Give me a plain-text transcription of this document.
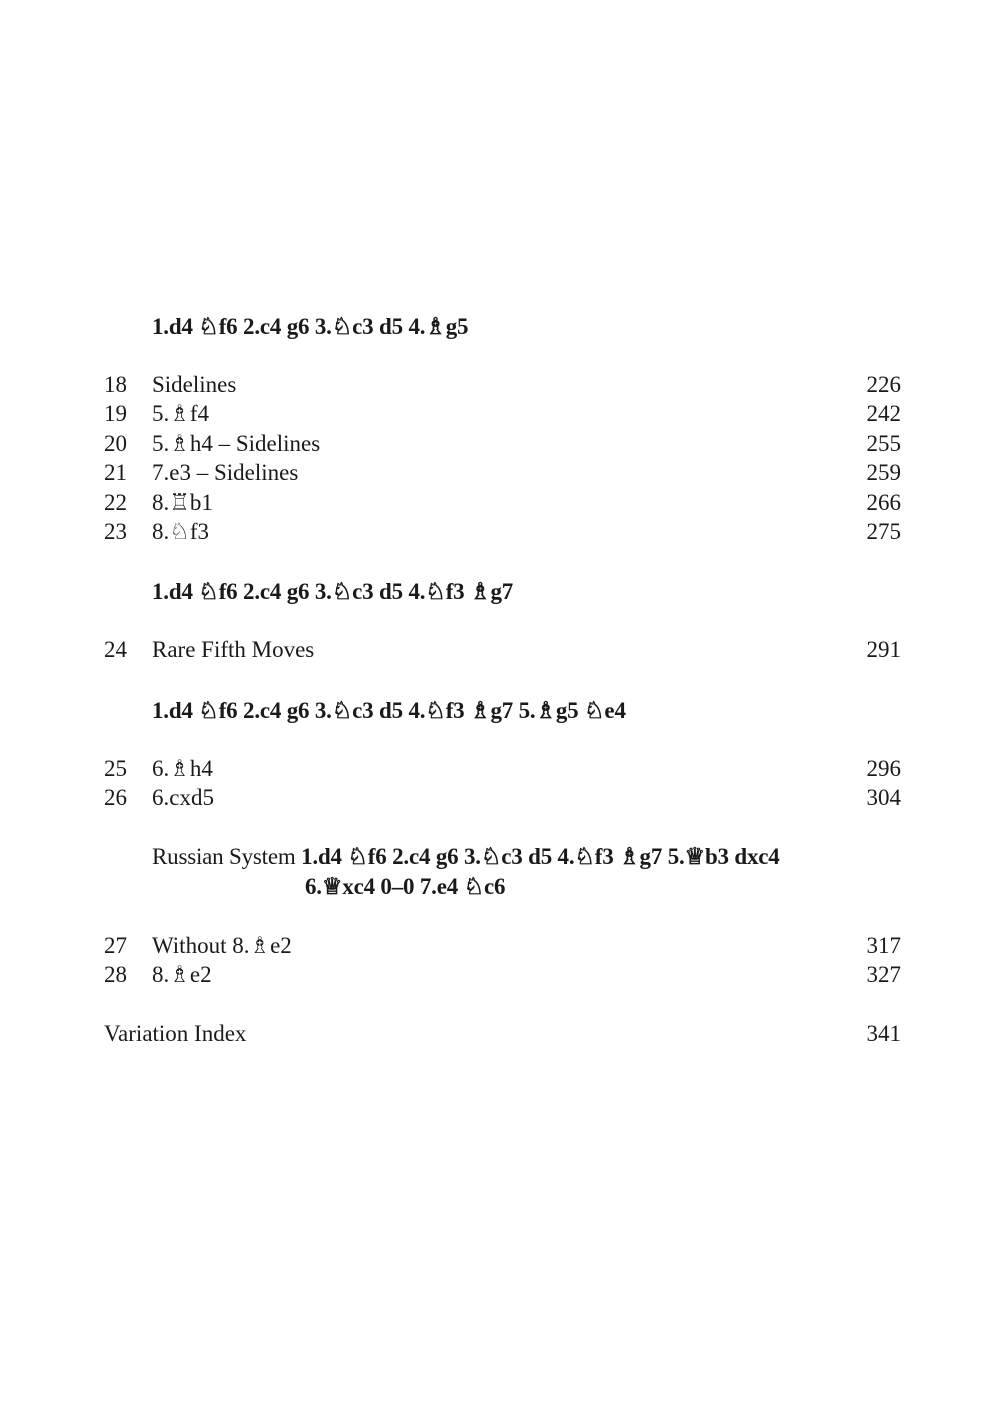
1.d4 ♘f6 2.c4 g6 3.♘c3 d5 4.♗g5
18 Sidelines	226
19 5.♗f4	242
20 5.♗h4 – Sidelines	255
21 7.e3 – Sidelines	259
22 8.♖b1	266
23 8.♘f3	275
1.d4 ♘f6 2.c4 g6 3.♘c3 d5 4.♘f3 ♗g7
24 Rare Fifth Moves	291
1.d4 ♘f6 2.c4 g6 3.♘c3 d5 4.♘f3 ♗g7 5.♗g5 ♘e4
25 6.♗h4	296
26 6.cxd5	304
Russian System 1.d4 ♘f6 2.c4 g6 3.♘c3 d5 4.♘f3 ♗g7 5.♕b3 dxc4
6.♕xc4 0–0 7.e4 ♘c6
27 Without 8.♗e2	317
28 8.♗e2	327
Variation Index	341
